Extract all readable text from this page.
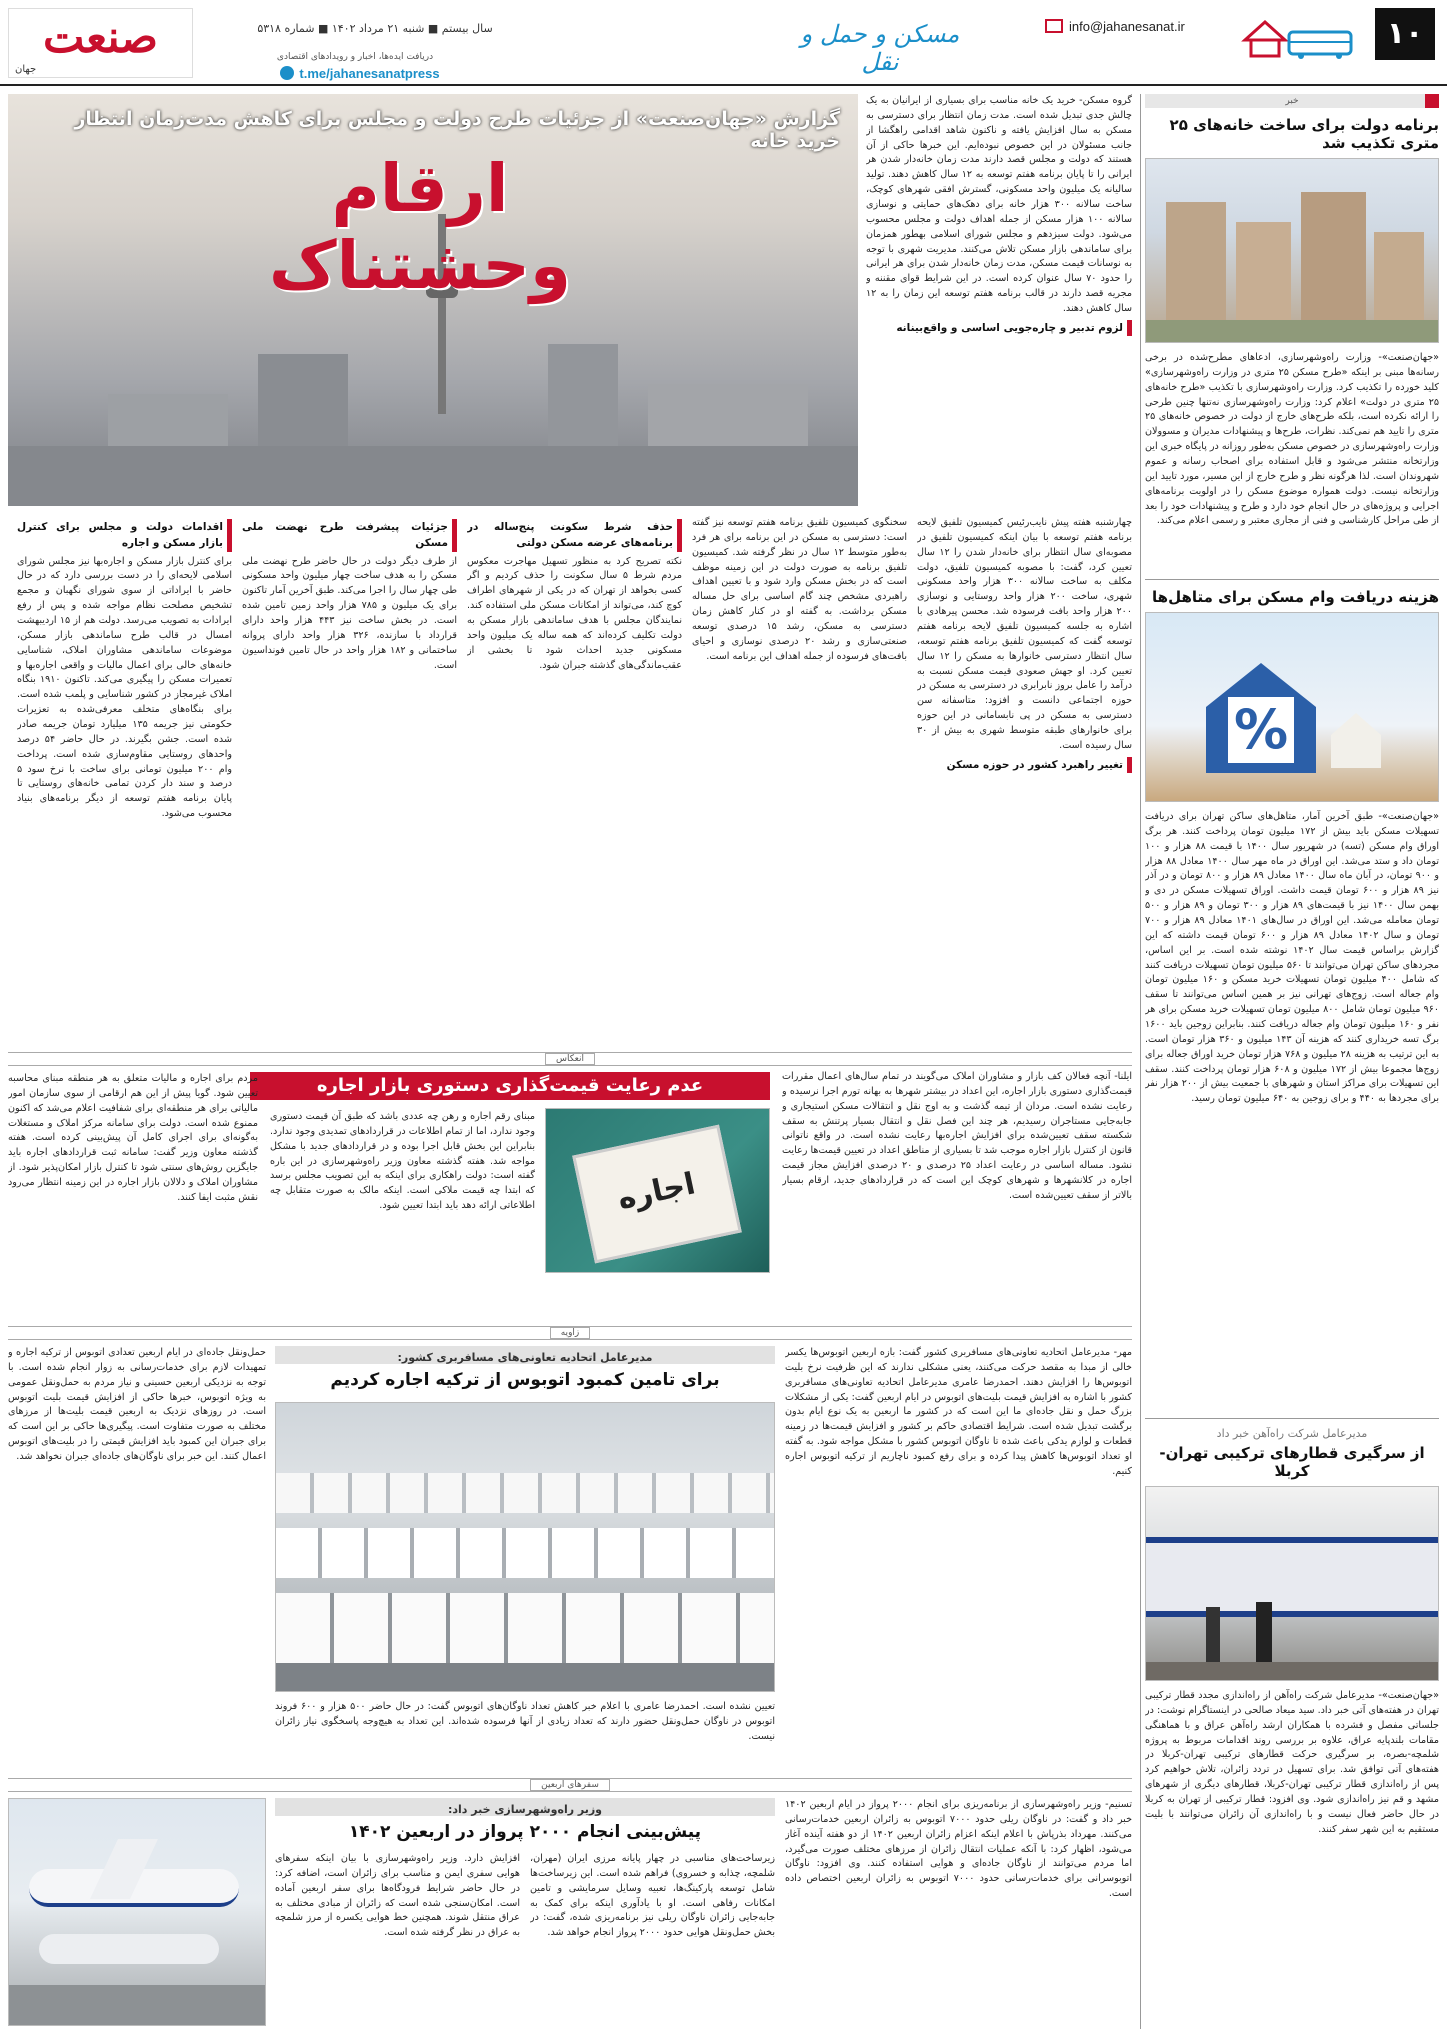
۱۰
مسکن و حمل و نقل
info@jahanesanat.ir
سال بیستم ■ شنبه ۲۱ مرداد ۱۴۰۲ ■ شماره ۵۳۱۸
دریافت ایده‌ها، اخبار و رویدادهای اقتصادی
t.me/jahanesanatpress
صنعت
جهان
خبر
برنامه دولت برای ساخت خانه‌های ۲۵ متری تکذیب شد
«جهان‌صنعت»- وزارت راه‌وشهرسازی، ادعاهای مطرح‌شده در برخی رسانه‌ها مبنی بر اینکه «طرح مسکن ۲۵ متری در وزارت راه‌وشهرسازی» کلید خورده را تکذیب کرد. وزارت راه‌وشهرسازی با تکذیب «طرح خانه‌های ۲۵ متری در دولت» اعلام کرد: وزارت راه‌وشهرسازی نه‌تنها چنین طرحی را ارائه نکرده است، بلکه طرح‌های خارج از دولت در خصوص خانه‌های ۲۵ متری را تایید هم نمی‌کند. نظرات، طرح‌ها و پیشنهادات مدیران و مسوولان وزارت راه‌وشهرسازی در خصوص مسکن به‌طور روزانه در پایگاه خبری این وزارتخانه منتشر می‌شود و قابل استفاده برای اصحاب رسانه و عموم شهروندان است. لذا هرگونه نظر و طرح خارج از این مسیر، مورد تایید این وزارتخانه نیست. دولت همواره موضوع مسکن را در اولویت برنامه‌های اجرایی و پروژه‌های در حال انجام خود دارد و طرح و پیشنهادات خود را بعد از طی مراحل کارشناسی و فنی از مجاری معتبر و رسمی اعلام می‌کند.
هزینه دریافت وام مسکن برای متاهل‌ها
%
«جهان‌صنعت»- طبق آخرین آمار، متاهل‌های ساکن تهران برای دریافت تسهیلات مسکن باید بیش از ۱۷۲ میلیون تومان پرداخت کنند. هر برگ اوراق وام مسکن (تسه) در شهریور سال ۱۴۰۰ با قیمت ۸۸ هزار و ۱۰۰ تومان داد و ستد می‌شد. این اوراق در ماه مهر سال ۱۴۰۰ معادل ۸۸ هزار و ۹۰۰ تومان، در آبان ماه سال ۱۴۰۰ معادل ۸۹ هزار و ۸۰۰ تومان و در آذر نیز ۸۹ هزار و ۶۰۰ تومان قیمت داشت. اوراق تسهیلات مسکن در دی و بهمن سال ۱۴۰۰ نیز با قیمت‌های ۸۹ هزار و ۳۰۰ تومان و ۸۹ هزار و ۵۰۰ تومان معامله می‌شد. این اوراق در سال‌های ۱۴۰۱ معادل ۸۹ هزار و ۷۰۰ تومان و سال ۱۴۰۲ معادل ۸۹ هزار و ۶۰۰ تومان قیمت داشته که این گزارش براساس قیمت سال ۱۴۰۲ نوشته شده است. بر این اساس، مجردهای ساکن تهران می‌توانند تا ۵۶۰ میلیون تومان تسهیلات دریافت کنند که شامل ۴۰۰ میلیون تومان تسهیلات خرید مسکن و ۱۶۰ میلیون تومان وام جعاله است. زوج‌های تهرانی نیز بر همین اساس می‌توانند تا سقف ۹۶۰ میلیون تومان شامل ۸۰۰ میلیون تومان تسهیلات خرید مسکن برای هر نفر و ۱۶۰ میلیون تومان وام جعاله دریافت کنند. بنابراین زوجین باید ۱۶۰۰ برگ تسه خریداری کنند که هزینه آن ۱۴۳ میلیون و ۳۶۰ هزار تومان است. به این ترتیب به هزینه ۲۸ میلیون و ۷۶۸ هزار تومان خرید اوراق جعاله برای زوج‌ها مجموعا بیش از ۱۷۲ میلیون و ۶۰۸ هزار تومان پرداخت کنند. سقف این تسهیلات برای مراکز استان و شهرهای با جمعیت بیش از ۲۰۰ هزار نفر برای مجردها به ۴۴۰ و برای زوجین به ۶۴۰ میلیون تومان رسید.
مدیرعامل شرکت راه‌آهن خبر داد
از سرگیری قطارهای ترکیبی تهران- کربلا
«جهان‌صنعت»- مدیرعامل شرکت راه‌آهن از راه‌اندازی مجدد قطار ترکیبی تهران در هفته‌های آتی خبر داد. سید میعاد صالحی در اینستاگرام نوشت: در جلساتی مفصل و فشرده با همکاران ارشد راه‌آهن عراق و با هماهنگی مقامات بلندپایه عراق، علاوه بر بررسی روند اقدامات مربوط به پروژه شلمچه-بصره، بر سرگیری حرکت قطارهای ترکیبی تهران-کربلا در هفته‌های آتی توافق شد. برای تسهیل در تردد زائران، تلاش خواهیم کرد پس از راه‌اندازی قطار ترکیبی تهران-کربلا، قطارهای دیگری از شهرهای مشهد و قم نیز راه‌اندازی شود. وی افزود: قطار ترکیبی از تهران به کربلا در حال حاضر فعال نیست و با راه‌اندازی آن زائران می‌توانند با بلیت مستقیم به این شهر سفر کنند.
گزارش «جهان‌صنعت» از جزئیات طرح دولت و مجلس برای کاهش مدت‌زمان انتظار خرید خانه
ارقام وحشتناک

گروه مسکن- خرید یک خانه مناسب برای بسیاری از ایرانیان به یک چالش جدی تبدیل شده است. مدت زمان انتظار برای دسترسی به مسکن به سال افزایش یافته و ناکنون شاهد اقدامی راهگشا از جانب مسئولان در این خصوص نبوده‌ایم. این خبرها حاکی از آن هستند که دولت و مجلس قصد دارند مدت زمان خانه‌دار شدن هر ایرانی را تا پایان برنامه هفتم توسعه به ۱۲ سال کاهش دهند. تولید سالیانه یک میلیون واحد مسکونی، گسترش افقی شهرهای کوچک، ساخت سالانه ۳۰۰ هزار خانه برای دهک‌های حمایتی و نوسازی سالانه ۱۰۰ هزار مسکن از جمله اهداف دولت و مجلس محسوب می‌شود. دولت سیزدهم و مجلس شورای اسلامی بهطور همزمان برای ساماندهی بازار مسکن تلاش می‌کنند. مدیریت شهری با توجه به نوسانات قیمت مسکن، مدت زمان خانه‌دار شدن برای هر ایرانی را حدود ۷۰ سال عنوان کرده است. در این شرایط قوای مقننه و مجریه قصد دارند در قالب برنامه هفتم توسعه این زمان را به ۱۲ سال کاهش دهند.

لزوم تدبیر و چاره‌جویی اساسی و واقع‌بینانه

چهارشنبه هفته پیش نایب‌رئیس کمیسیون تلفیق لایحه برنامه هفتم توسعه با بیان اینکه کمیسیون تلفیق در مصوبه‌ای سال انتظار برای خانه‌دار شدن را ۱۲ سال تعیین کرد، گفت: با مصوبه کمیسیون تلفیق، دولت مکلف به ساخت سالانه ۳۰۰ هزار واحد مسکونی شهری، ساخت ۲۰۰ هزار واحد روستایی و نوسازی ۲۰۰ هزار واحد بافت فرسوده شد. محسن پیرهادی با اشاره به جلسه کمیسیون تلفیق لایحه برنامه هفتم توسعه گفت که کمیسیون تلفیق برنامه هفتم توسعه، سال انتظار دسترسی خانوارها به مسکن را ۱۲ سال تعیین کرد. او جهش صعودی قیمت مسکن نسبت به درآمد را عامل بروز نابرابری در دسترسی به مسکن در حوزه اجتماعی دانست و افزود: متاسفانه سن دسترسی به مسکن در پی نابسامانی در این حوزه برای خانوارهای طبقه متوسط شهری به بیش از ۳۰ سال رسیده است.

تغییر راهبرد کشور در حوزه مسکن

سخنگوی کمیسیون تلفیق برنامه هفتم توسعه نیز گفته است: دسترسی به مسکن در این برنامه برای هر فرد به‌طور متوسط ۱۲ سال در نظر گرفته شد. کمیسیون تلفیق برنامه به صورت دولت در این زمینه موظف است که در بخش مسکن وارد شود و با تعیین اهداف راهبردی مشخص چند گام اساسی برای حل مساله مسکن برداشت. به گفته او در کنار کاهش زمان دسترسی به مسکن، رشد ۱۵ درصدی توسعه صنعتی‌سازی و رشد ۲۰ درصدی نوسازی و احیای بافت‌های فرسوده از جمله اهداف این برنامه است.

حذف شرط سکونت پنج‌ساله در برنامه‌های عرضه مسکن دولتی

نکته تصریح کرد به منظور تسهیل مهاجرت معکوس مردم شرط ۵ سال سکونت را حذف کردیم و اگر کسی بخواهد از تهران که در یکی از شهرهای اطراف کوچ کند، می‌تواند از امکانات مسکن ملی استفاده کند. نمایندگان مجلس با هدف ساماندهی بازار مسکن به دولت تکلیف کرده‌اند که همه ساله یک میلیون واحد مسکونی جدید احداث شود تا بخشی از عقب‌ماندگی‌های گذشته جبران شود.

جزئیات پیشرفت طرح نهضت ملی مسکن

از طرف دیگر دولت در حال حاضر طرح نهضت ملی مسکن را به هدف ساخت چهار میلیون واحد مسکونی طی چهار سال را اجرا می‌کند. طبق آخرین آمار تاکنون برای یک میلیون و ۷۸۵ هزار واحد زمین تامین شده است. در بخش ساخت نیز ۴۴۳ هزار واحد دارای قرارداد با سازنده، ۳۲۶ هزار واحد دارای پروانه ساختمانی و ۱۸۲ هزار واحد در حال تامین فونداسیون است.

اقدامات دولت و مجلس برای کنترل بازار مسکن و اجاره

برای کنترل بازار مسکن و اجاره‌بها نیز مجلس شورای اسلامی لایحه‌ای را در دست بررسی دارد که در حال حاضر با ایراداتی از سوی شورای نگهبان و مجمع تشخیص مصلحت نظام مواجه شده و پس از رفع ایرادات به تصویب می‌رسد. دولت هم از ۱۵ اردیبهشت امسال در قالب طرح ساماندهی بازار مسکن، موضوعات ساماندهی مشاوران املاک، شناسایی خانه‌های خالی برای اعمال مالیات و واقعی اجاره‌بها و تعمیرات مسکن را پیگیری می‌کند. تاکنون ۱۹۱۰ بنگاه املاک غیرمجاز در کشور شناسایی و پلمب شده است. برای بنگاه‌های متخلف معرفی‌شده به تعزیرات حکومتی نیز جریمه ۱۳۵ میلیارد تومان جریمه صادر شده است. جشن بگیرند. در حال حاضر ۵۴ درصد واحدهای روستایی مقاوم‌سازی شده است. پرداخت وام ۲۰۰ میلیون تومانی برای ساخت با نرخ سود ۵ درصد و سند دار کردن تمامی خانه‌های روستایی تا پایان برنامه هفتم توسعه از دیگر برنامه‌های بنیاد محسوب می‌شود.

انعکاس
عدم رعایت قیمت‌گذاری دستوری بازار اجاره	ایلنا- آنچه فعالان کف بازار و مشاوران املاک می‌گویند در تمام سال‌های اعمال مقررات قیمت‌گذاری دستوری بازار اجاره، این اعداد در بیشتر شهرها به بهانه تورم اجرا نرسیده و رعایت نشده است. مردان از تیمه گذشت و به اوج نقل و انتقالات مسکن استیجاری و جابه‌جایی مستاجران رسیدیم، هر چند این فصل نقل و انتقال بسیار پرتنش به سقف شکسته سقف تعیین‌شده برای افزایش اجاره‌بها رعایت نشده است. در واقع ناتوانی قانون از کنترل بازار اجاره موجب شد تا بسیاری از مناطق اعداد در تعیین قیمت‌ها رعایت نشود. مساله اساسی در رعایت اعداد ۲۵ درصدی و ۲۰ درصدی افزایش مجاز قیمت اجاره در کلانشهرها و شهرهای کوچک این است که در قراردادهای جدید، ارقام بسیار بالاتر از سقف تعیین‌شده است.
اجاره
مبنای رقم اجاره و رهن چه عددی باشد که طبق آن قیمت دستوری وجود ندارد، اما از تمام اطلاعات در قراردادهای تمدیدی وجود ندارد. بنابراین این بخش قابل اجرا بوده و در قراردادهای جدید با مشکل مواجه شد. هفته گذشته معاون وزیر راه‌وشهرسازی در این باره گفته است: دولت راهکاری برای اینکه به این تصویب مجلس برسد که ابتدا چه قیمت ملاکی است. اینکه مالک به صورت متقابل چه اطلاعاتی ارائه دهد باید ابتدا تعیین شود.
مردم برای اجاره و مالیات متعلق به هر منطقه مبنای محاسبه تعیین شود. گویا پیش از این هم ارقامی از سوی سازمان امور مالیاتی برای هر منطقه‌ای برای شفافیت اعلام می‌شد که اکنون ممنوع شده است. دولت برای سامانه مرکز املاک و مستغلات به‌گونه‌ای برای اجرای کامل آن پیش‌بینی کرده است. هفته گذشته معاون وزیر گفت: سامانه ثبت قراردادهای اجاره باید جایگزین روش‌های سنتی شود تا کنترل بازار امکان‌پذیر شود. از مشاوران املاک و دلالان بازار اجاره در این زمینه انتظار می‌رود نقش مثبت ایفا کنند.
زاویه
مدیرعامل اتحادیه تعاونی‌های مسافربری کشور:
برای تامین کمبود اتوبوس از ترکیه اجاره کردیم
مهر- مدیرعامل اتحادیه تعاونی‌های مسافربری کشور گفت: بازه اربعین اتوبوس‌ها یکسر خالی از مبدا به مقصد حرکت می‌کنند، یعنی مشکلی ندارند که این ظرفیت نرخ بلیت اتوبوس‌ها را افزایش دهند. احمدرضا عامری مدیرعامل اتحادیه تعاونی‌های مسافربری کشور با اشاره به افزایش قیمت بلیت‌های اتوبوس در ایام اربعین گفت: یکی از مشکلات بزرگ حمل و نقل جاده‌ای ما این است که در کشور ما اربعین به یک نوع ایام بدون برگشت تبدیل شده است. شرایط اقتصادی حاکم بر کشور و افزایش قیمت‌ها در زمینه قطعات و لوازم یدکی باعث شده تا ناوگان اتوبوس کشور با مشکل مواجه شود. به گفته او تعداد اتوبوس‌ها کاهش پیدا کرده و برای رفع کمبود ناچاریم از ترکیه اتوبوس اجاره کنیم.
تعیین نشده است. احمدرضا عامری با اعلام خبر کاهش تعداد ناوگان‌های اتوبوس گفت: در حال حاضر ۵۰۰ هزار و ۶۰۰ فروند اتوبوس در ناوگان حمل‌ونقل حضور دارند که تعداد زیادی از آنها فرسوده شده‌اند. این تعداد به هیچ‌وجه پاسخگوی نیاز زائران نیست.
حمل‌ونقل جاده‌ای در ایام اربعین تعدادی اتوبوس از ترکیه اجاره و تمهیدات لازم برای خدمات‌رسانی به زوار انجام شده است. با توجه به نزدیکی اربعین حسینی و نیاز مردم به حمل‌ونقل عمومی به ویژه اتوبوس، خبرها حاکی از افزایش قیمت بلیت اتوبوس است. در روزهای نزدیک به اربعین قیمت بلیت‌ها از مرزهای مختلف به صورت متفاوت است. پیگیری‌ها حاکی بر این است که برای جبران این کمبود باید افزایش قیمتی را در بلیت‌های اتوبوس اعمال کنند. این خبر برای ناوگان‌های جاده‌ای جبران نخواهد شد.
سفرهای اربعین
وزیر راه‌وشهرسازی خبر داد:
پیش‌بینی انجام ۲۰۰۰ پرواز در اربعین ۱۴۰۲
تسنیم- وزیر راه‌وشهرسازی از برنامه‌ریزی برای انجام ۲۰۰۰ پرواز در ایام اربعین ۱۴۰۲ خبر داد و گفت: در ناوگان ریلی حدود ۷۰۰۰ اتوبوس به زائران اربعین خدمات‌رسانی می‌کنند. مهرداد بذرپاش با اعلام اینکه اعزام زائران اربعین ۱۴۰۲ از دو هفته آینده آغاز می‌شود، اظهار کرد: با آنکه عملیات انتقال زائران از مرزهای مختلف صورت می‌گیرد، اما مردم می‌توانند از ناوگان جاده‌ای و هوایی استفاده کنند. وی افزود: ناوگان اتوبوسرانی برای خدمات‌رسانی حدود ۷۰۰۰ اتوبوس به زائران اربعین اختصاص داده است.
زیرساخت‌های مناسبی در چهار پایانه مرزی ایران (مهران، شلمچه، چذابه و خسروی) فراهم شده است. این زیرساخت‌ها شامل توسعه پارکینگ‌ها، تعبیه وسایل سرمایشی و تامین امکانات رفاهی است. او با یادآوری اینکه برای کمک به جابه‌جایی زائران ناوگان ریلی نیز برنامه‌ریزی شده، گفت: در بخش حمل‌ونقل هوایی حدود ۲۰۰۰ پرواز انجام خواهد شد.
افزایش دارد. وزیر راه‌وشهرسازی با بیان اینکه سفرهای هوایی سفری ایمن و مناسب برای زائران است، اضافه کرد: در حال حاضر شرایط فرودگاه‌ها برای سفر اربعین آماده است. امکان‌سنجی شده است که زائران از مبادی مختلف به عراق منتقل شوند. همچنین خط هوایی یکسره از مرز شلمچه به عراق در نظر گرفته شده است.
